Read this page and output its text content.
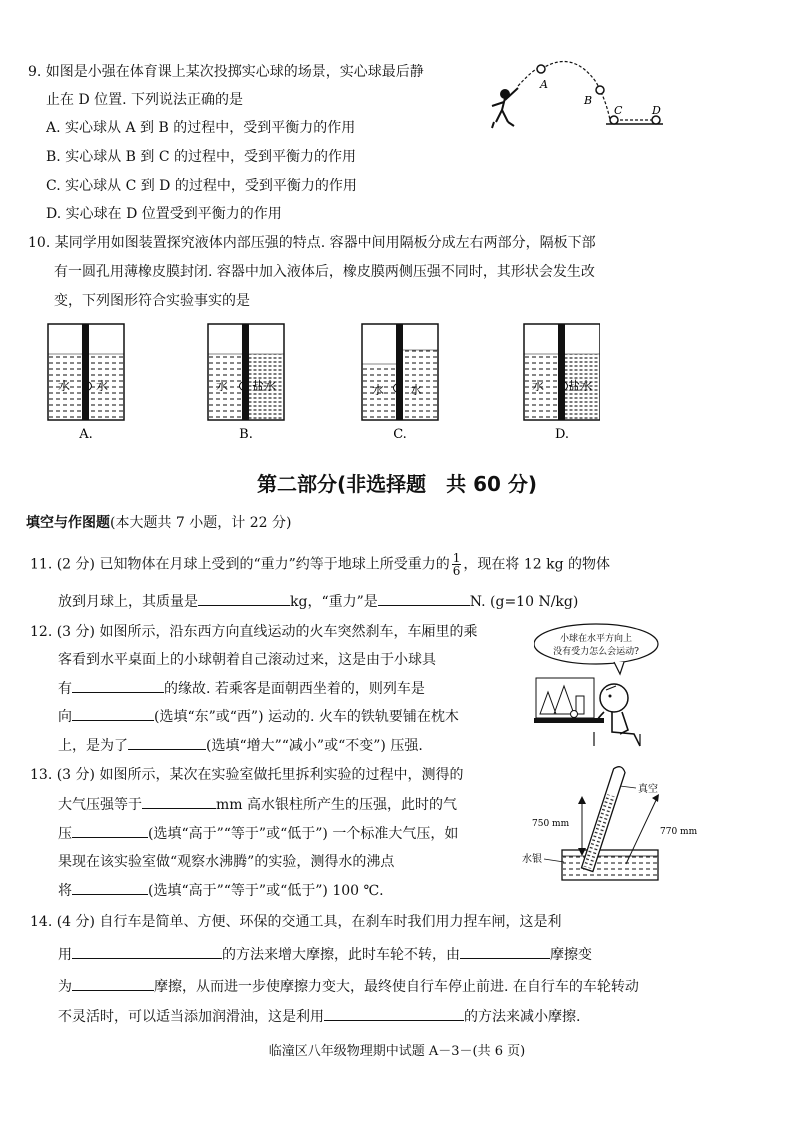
9. 如图是小强在体育课上某次投掷实心球的场景，实心球最后静
止在 D 位置. 下列说法正确的是
A. 实心球从 A 到 B 的过程中，受到平衡力的作用
B. 实心球从 B 到 C 的过程中，受到平衡力的作用
C. 实心球从 C 到 D 的过程中，受到平衡力的作用
D. 实心球在 D 位置受到平衡力的作用
A
B
C	D
10. 某同学用如图装置探究液体内部压强的特点. 容器中间用隔板分成左右两部分，隔板下部
有一圆孔用薄橡皮膜封闭. 容器中加入液体后，橡皮膜两侧压强不同时，其形状会发生改
变，下列图形符合实验事实的是
水 水
A.
水 盐水
B.
水 水
C.
水 盐水
D.
第二部分(非选择题　共 60 分)
填空与作图题(本大题共 7 小题，计 22 分)
11. (2 分) 已知物体在月球上受到的“重力”约等于地球上所受重力的 $\frac{1}{6}$ ，现在将 12 kg 的物体
放到月球上，其质量是	kg，“重力”是	N. (g=10 N/kg)
12. (3 分) 如图所示，沿东西方向直线运动的火车突然刹车，车厢里的乘
客看到水平桌面上的小球朝着自己滚动过来，这是由于小球具
有	的缘故. 若乘客是面朝西坐着的，则列车是
向	(选填“东”或“西”) 运动的. 火车的铁轨要铺在枕木
上，是为了	(选填“增大”“减小”或“不变”) 压强.
小球在水平方向上
没有受力怎么会运动?
13. (3 分) 如图所示，某次在实验室做托里拆利实验的过程中，测得的
大气压强等于	mm 高水银柱所产生的压强，此时的气
压	(选填“高于”“等于”或“低于”) 一个标准大气压，如
果现在该实验室做“观察水沸腾”的实验，测得水的沸点
将	(选填“高于”“等于”或“低于”) 100 ℃.
真空
750 mm
770 mm
水银
14. (4 分) 自行车是简单、方便、环保的交通工具，在刹车时我们用力捏车闸，这是利
用	的方法来增大摩擦，此时车轮不转，由	摩擦变
为	摩擦，从而进一步使摩擦力变大，最终使自行车停止前进. 在自行车的车轮转动
不灵活时，可以适当添加润滑油，这是利用	的方法来减小摩擦.
临潼区八年级物理期中试题 A－3－(共 6 页)
